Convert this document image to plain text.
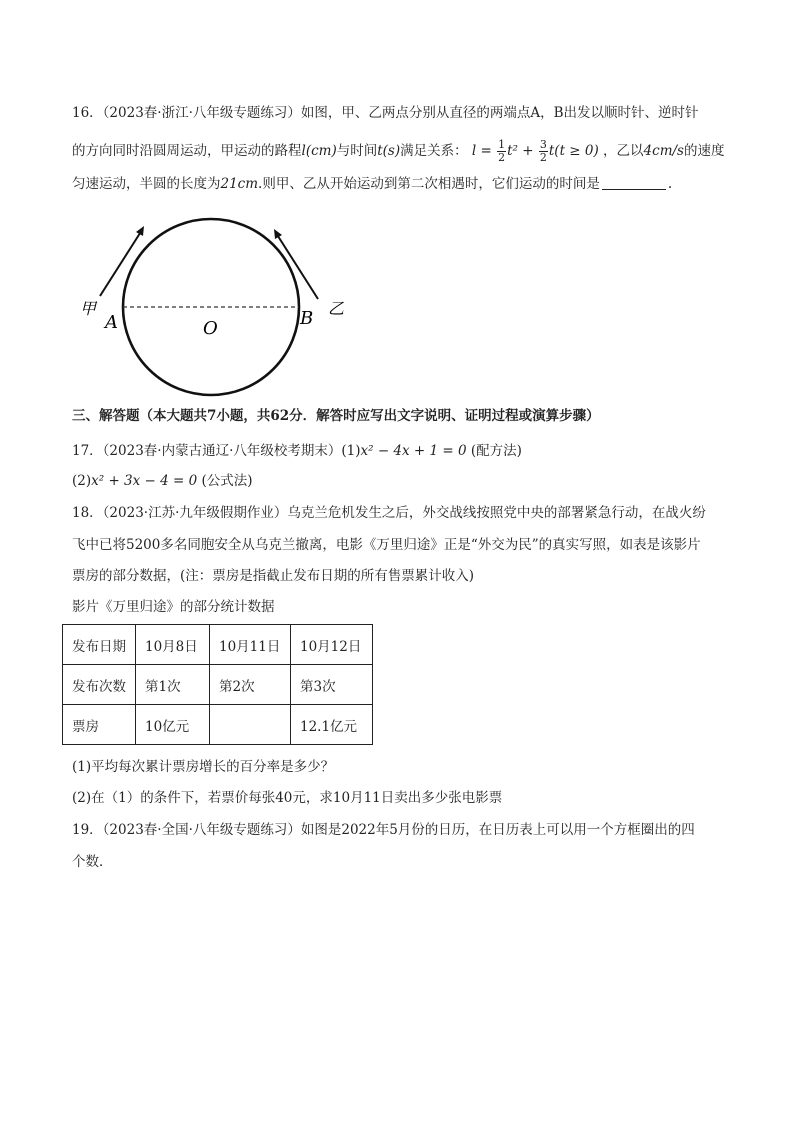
16．（2023春·浙江·八年级专题练习）如图，甲、乙两点分别从直径的两端点A，B出发以顺时针、逆时针
的方向同时沿圆周运动，甲运动的路程l(cm)与时间t(s)满足关系： $l = \frac{1}{2} t^2 + \frac{3}{2} t(t \ge 0)$ ，乙以4cm/s的速度
匀速运动，半圆的长度为21cm.则甲、乙从开始运动到第二次相遇时，它们运动的时间是	.
甲
A	O	B 乙
三、解答题（本大题共7小题，共62分．解答时应写出文字说明、证明过程或演算步骤）
17．（2023春·内蒙古通辽·八年级校考期末）(1)x² − 4x + 1 = 0 (配方法)
(2)x² + 3x − 4 = 0 (公式法)
18．（2023·江苏·九年级假期作业）乌克兰危机发生之后，外交战线按照党中央的部署紧急行动，在战火纷
飞中已将5200多名同胞安全从乌克兰撤离，电影《万里归途》正是“外交为民”的真实写照，如表是该影片
票房的部分数据，(注：票房是指截止发布日期的所有售票累计收入)
影片《万里归途》的部分统计数据
发布日期	10月8日	10月11日	10月12日
发布次数	第1次	第2次	第3次
票房	10亿元		12.1亿元
(1)平均每次累计票房增长的百分率是多少？
(2)在（1）的条件下，若票价每张40元，求10月11日卖出多少张电影票
19．（2023春·全国·八年级专题练习）如图是2022年5月份的日历，在日历表上可以用一个方框圈出的四
个数．
